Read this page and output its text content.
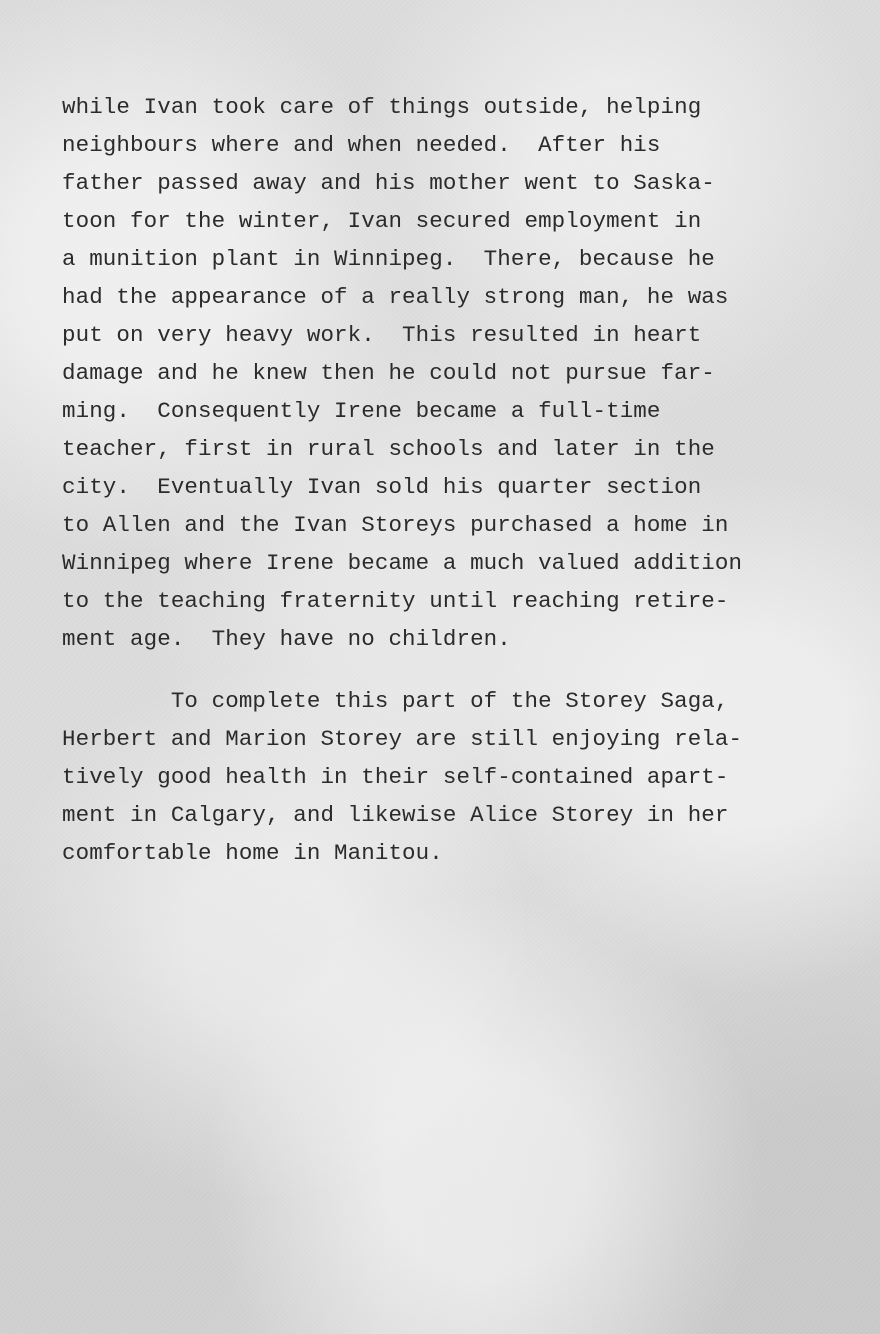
while Ivan took care of things outside, helping
neighbours where and when needed.  After his
father passed away and his mother went to Saska-
toon for the winter, Ivan secured employment in
a munition plant in Winnipeg.  There, because he
had the appearance of a really strong man, he was
put on very heavy work.  This resulted in heart
damage and he knew then he could not pursue far-
ming.  Consequently Irene became a full-time
teacher, first in rural schools and later in the
city.  Eventually Ivan sold his quarter section
to Allen and the Ivan Storeys purchased a home in
Winnipeg where Irene became a much valued addition
to the teaching fraternity until reaching retire-
ment age.  They have no children.
To complete this part of the Storey Saga,
Herbert and Marion Storey are still enjoying rela-
tively good health in their self-contained apart-
ment in Calgary, and likewise Alice Storey in her
comfortable home in Manitou.
